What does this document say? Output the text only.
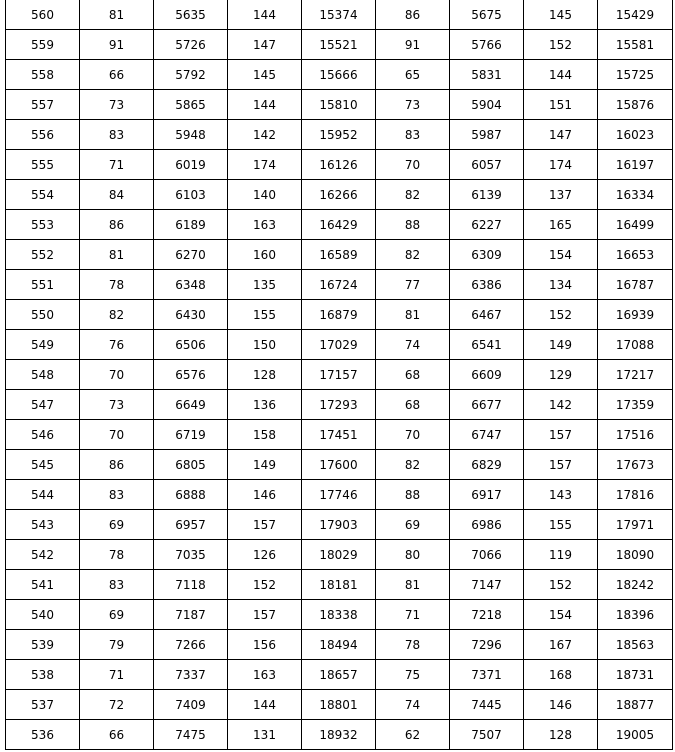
560	81	5635	144	15374	86	5675	145	15429
559	91	5726	147	15521	91	5766	152	15581
558	66	5792	145	15666	65	5831	144	15725
557	73	5865	144	15810	73	5904	151	15876
556	83	5948	142	15952	83	5987	147	16023
555	71	6019	174	16126	70	6057	174	16197
554	84	6103	140	16266	82	6139	137	16334
553	86	6189	163	16429	88	6227	165	16499
552	81	6270	160	16589	82	6309	154	16653
551	78	6348	135	16724	77	6386	134	16787
550	82	6430	155	16879	81	6467	152	16939
549	76	6506	150	17029	74	6541	149	17088
548	70	6576	128	17157	68	6609	129	17217
547	73	6649	136	17293	68	6677	142	17359
546	70	6719	158	17451	70	6747	157	17516
545	86	6805	149	17600	82	6829	157	17673
544	83	6888	146	17746	88	6917	143	17816
543	69	6957	157	17903	69	6986	155	17971
542	78	7035	126	18029	80	7066	119	18090
541	83	7118	152	18181	81	7147	152	18242
540	69	7187	157	18338	71	7218	154	18396
539	79	7266	156	18494	78	7296	167	18563
538	71	7337	163	18657	75	7371	168	18731
537	72	7409	144	18801	74	7445	146	18877
536	66	7475	131	18932	62	7507	128	19005
